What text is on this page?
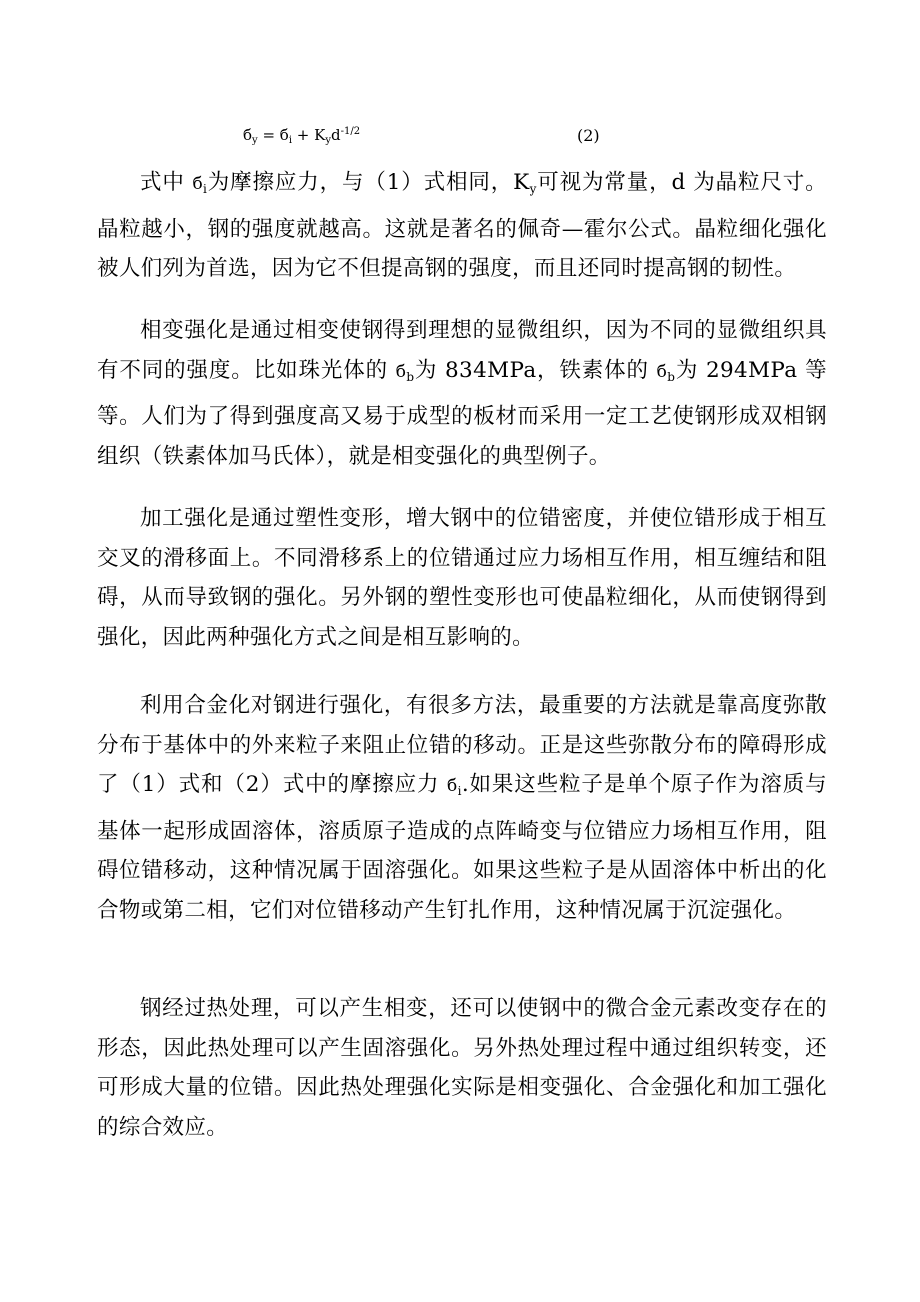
$б_y = б_i + K_yd^{-1/2}$	(2)

式中 $б_i$为摩擦应力，与（1）式相同，$K_y$可视为常量，d 为晶粒尺寸。晶粒越小，钢的强度就越高。这就是著名的佩奇—霍尔公式。晶粒细化强化被人们列为首选，因为它不但提高钢的强度，而且还同时提高钢的韧性。

相变强化是通过相变使钢得到理想的显微组织，因为不同的显微组织具有不同的强度。比如珠光体的 $б_b$为 834MPa，铁素体的 $б_b$为 294MPa 等等。人们为了得到强度高又易于成型的板材而采用一定工艺使钢形成双相钢组织（铁素体加马氏体），就是相变强化的典型例子。

加工强化是通过塑性变形，增大钢中的位错密度，并使位错形成于相互交叉的滑移面上。不同滑移系上的位错通过应力场相互作用，相互缠结和阻碍，从而导致钢的强化。另外钢的塑性变形也可使晶粒细化，从而使钢得到强化，因此两种强化方式之间是相互影响的。

利用合金化对钢进行强化，有很多方法，最重要的方法就是靠高度弥散分布于基体中的外来粒子来阻止位错的移动。正是这些弥散分布的障碍形成了（1）式和（2）式中的摩擦应力 $б_i$.如果这些粒子是单个原子作为溶质与基体一起形成固溶体，溶质原子造成的点阵崎变与位错应力场相互作用，阻碍位错移动，这种情况属于固溶强化。如果这些粒子是从固溶体中析出的化合物或第二相，它们对位错移动产生钉扎作用，这种情况属于沉淀强化。

钢经过热处理，可以产生相变，还可以使钢中的微合金元素改变存在的形态，因此热处理可以产生固溶强化。另外热处理过程中通过组织转变，还可形成大量的位错。因此热处理强化实际是相变强化、合金强化和加工强化的综合效应。
